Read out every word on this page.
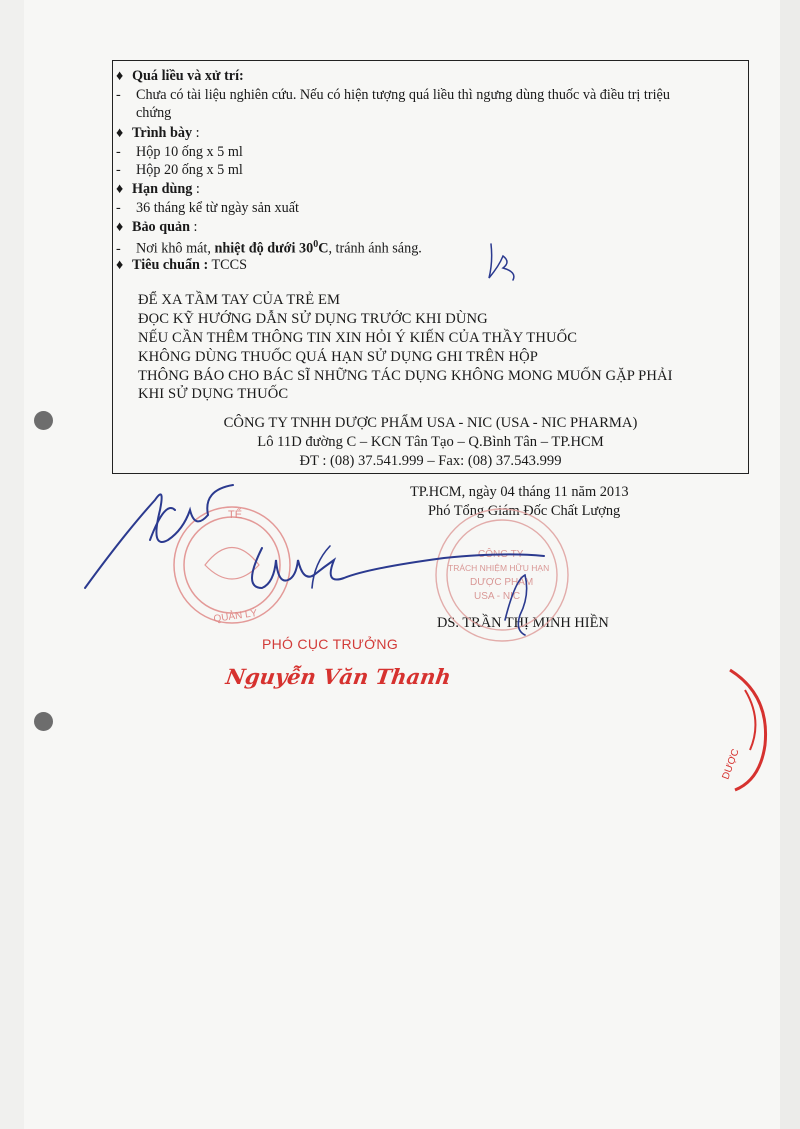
♦ Quá liều và xử trí:
- Chưa có tài liệu nghiên cứu. Nếu có hiện tượng quá liều thì ngưng dùng thuốc và điều trị triệu
chứng
♦ Trình bày :
- Hộp 10 ống x 5 ml
- Hộp 20 ống x 5 ml
♦ Hạn dùng :
- 36 tháng kể từ ngày sản xuất
♦ Bảo quản :
- Nơi khô mát, nhiệt độ dưới $30^0C$, tránh ánh sáng.
♦ Tiêu chuẩn : TCCS
ĐỂ XA TẦM TAY CỦA TRẺ EM
ĐỌC KỸ HƯỚNG DẪN SỬ DỤNG TRƯỚC KHI DÙNG
NẾU CẦN THÊM THÔNG TIN XIN HỎI Ý KIẾN CỦA THẦY THUỐC
KHÔNG DÙNG THUỐC QUÁ HẠN SỬ DỤNG GHI TRÊN HỘP
THÔNG BÁO CHO BÁC SĨ NHỮNG TÁC DỤNG KHÔNG MONG MUỐN GẶP PHẢI
KHI SỬ DỤNG THUỐC
CÔNG TY TNHH DƯỢC PHẨM USA - NIC (USA - NIC PHARMA)
Lô 11D đường C – KCN Tân Tạo – Q.Bình Tân – TP.HCM
ĐT : (08) 37.541.999 – Fax: (08) 37.543.999
TP.HCM, ngày 04 tháng 11 năm 2013
Phó Tổng Giám Đốc Chất Lượng
DS. TRẦN THỊ MINH HIỀN
TẾ
QUẢN LÝ
CÔNG TY
TRÁCH NHIỆM HỮU HẠN
DƯỢC PHẨM
USA - NIC
DƯỢC
PHÓ CỤC TRƯỞNG
Nguyễn Văn Thanh
